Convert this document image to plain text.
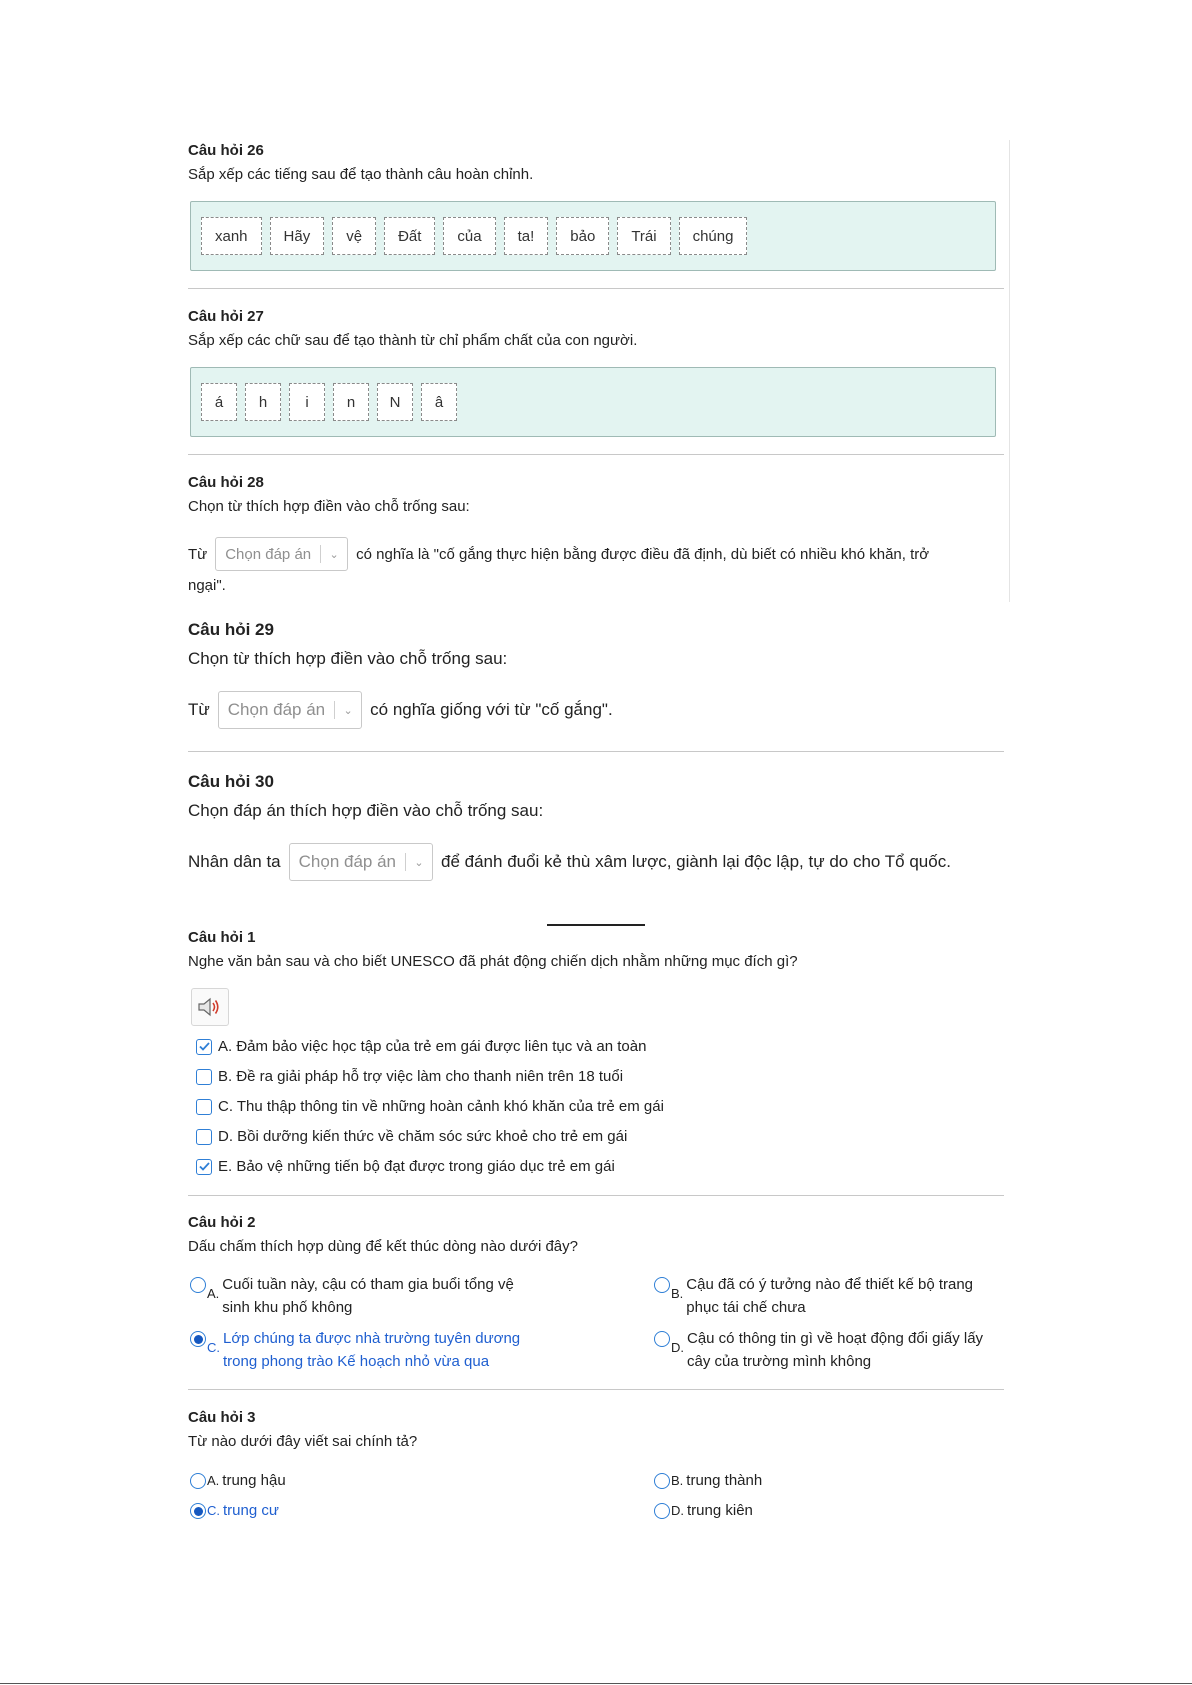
Câu hỏi 26
Sắp xếp các tiếng sau để tạo thành câu hoàn chỉnh.
xanh	Hãy	vệ	Đất	của	ta!	bảo	Trái	chúng
Câu hỏi 27
Sắp xếp các chữ sau để tạo thành từ chỉ phẩm chất của con người.
á	h	i	n	N	â
Câu hỏi 28
Chọn từ thích hợp điền vào chỗ trống sau:
Từ	Chọn đáp án	⌄	có nghĩa là "cố gắng thực hiện bằng được điều đã định, dù biết có nhiều khó khăn, trở
ngại".
Câu hỏi 29
Chọn từ thích hợp điền vào chỗ trống sau:
Từ	Chọn đáp án	⌄	có nghĩa giống với từ "cố gắng".
Câu hỏi 30
Chọn đáp án thích hợp điền vào chỗ trống sau:
Nhân dân ta	Chọn đáp án	⌄	để đánh đuổi kẻ thù xâm lược, giành lại độc lập, tự do cho Tổ quốc.
Câu hỏi 1
Nghe văn bản sau và cho biết UNESCO đã phát động chiến dịch nhằm những mục đích gì?
A. Đảm bảo việc học tập của trẻ em gái được liên tục và an toàn
B. Đề ra giải pháp hỗ trợ việc làm cho thanh niên trên 18 tuổi
C. Thu thập thông tin về những hoàn cảnh khó khăn của trẻ em gái
D. Bồi dưỡng kiến thức về chăm sóc sức khoẻ cho trẻ em gái
E. Bảo vệ những tiến bộ đạt được trong giáo dục trẻ em gái
Câu hỏi 2
Dấu chấm thích hợp dùng để kết thúc dòng nào dưới đây?
A.
Cuối tuần này, cậu có tham gia buổi tổng vệ
sinh khu phố không
B.
Cậu đã có ý tưởng nào để thiết kế bộ trang
phục tái chế chưa
C.
Lớp chúng ta được nhà trường tuyên dương
trong phong trào Kế hoạch nhỏ vừa qua
D.
Cậu có thông tin gì về hoạt động đổi giấy lấy
cây của trường mình không
Câu hỏi 3
Từ nào dưới đây viết sai chính tả?
A. trung hậu	B. trung thành
C. trung cư	D. trung kiên
